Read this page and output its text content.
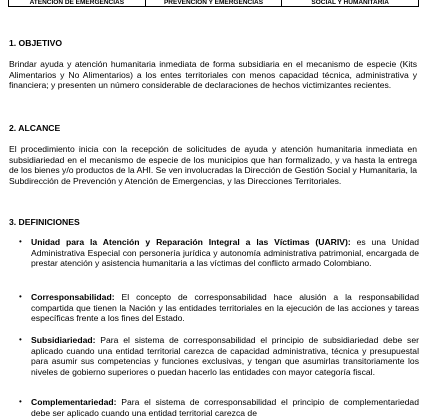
ATENCIÓN DE EMERGENCIAS	PREVENCIÓN Y EMERGENCIAS	SOCIAL Y HUMANITARIA
1. OBJETIVO
Brindar ayuda y atención humanitaria inmediata de forma subsidiaria en el mecanismo de especie (Kits Alimentarios y No Alimentarios) a los entes territoriales con menos capacidad técnica, administrativa y financiera; y presenten un número considerable de declaraciones de hechos victimizantes recientes.
2. ALCANCE
El procedimiento inicia con la recepción de solicitudes de ayuda y atención humanitaria inmediata en subsidiariedad en el mecanismo de especie de los municipios que han formalizado, y va hasta la entrega de los bienes y/o productos de la AHI. Se ven involucradas la Dirección de Gestión Social y Humanitaria, la Subdirección de Prevención y Atención de Emergencias, y las Direcciones Territoriales.
3. DEFINICIONES
• Unidad para la Atención y Reparación Integral a las Víctimas (UARIV): es una Unidad Administrativa Especial con personería jurídica y autonomía administrativa patrimonial, encargada de prestar atención y asistencia humanitaria a las víctimas del conflicto armado Colombiano.
• Corresponsabilidad: El concepto de corresponsabilidad hace alusión a la responsabilidad compartida que tienen la Nación y las entidades territoriales en la ejecución de las acciones y tareas específicas frente a los fines del Estado.
• Subsidiariedad: Para el sistema de corresponsabilidad el principio de subsidiariedad debe ser aplicado cuando una entidad territorial carezca de capacidad administrativa, técnica y presupuestal para asumir sus competencias y funciones exclusivas, y tengan que asumirlas transitoriamente los niveles de gobierno superiores o puedan hacerlo las entidades con mayor categoría fiscal.
• Complementariedad: Para el sistema de corresponsabilidad el principio de complementariedad debe ser aplicado cuando una entidad territorial carezca de
